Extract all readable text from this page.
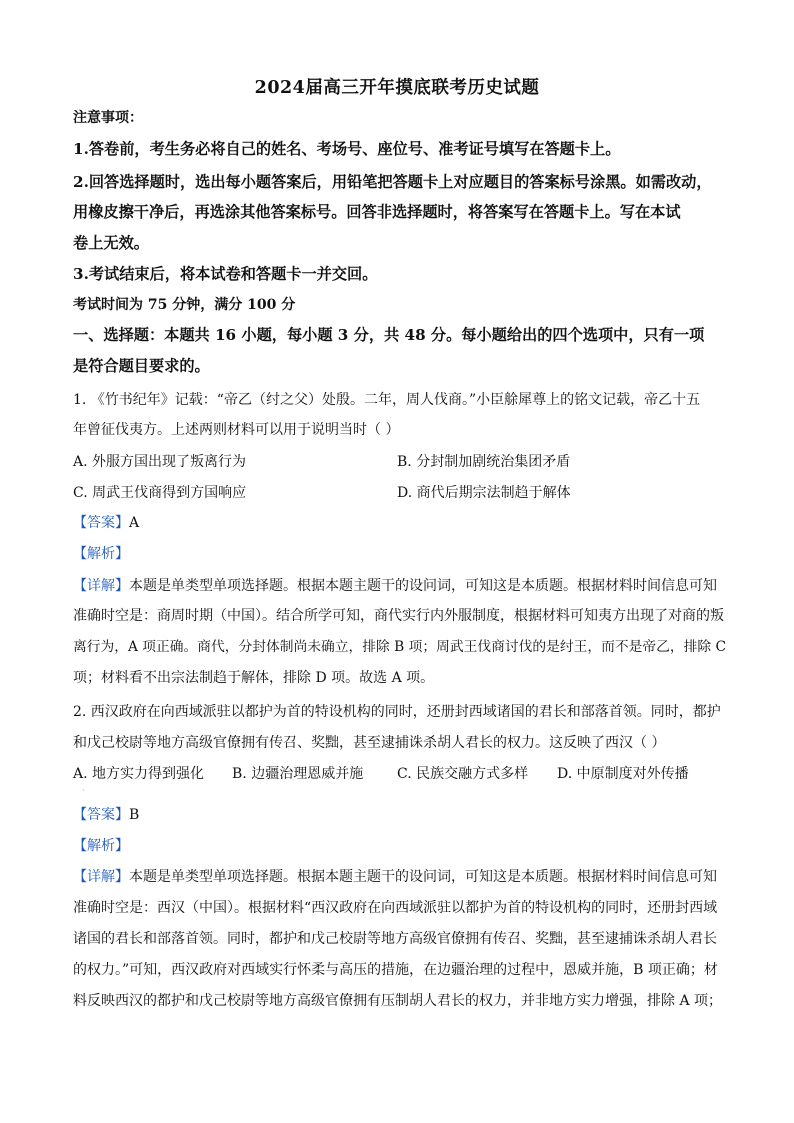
2024届高三开年摸底联考历史试题
注意事项：
1.答卷前，考生务必将自己的姓名、考场号、座位号、准考证号填写在答题卡上。
2.回答选择题时，选出每小题答案后，用铅笔把答题卡上对应题目的答案标号涂黑。如需改动，
用橡皮擦干净后，再选涂其他答案标号。回答非选择题时，将答案写在答题卡上。写在本试
卷上无效。
3.考试结束后，将本试卷和答题卡一并交回。
考试时间为 75 分钟，满分 100 分
一、选择题：本题共 16 小题，每小题 3 分，共 48 分。每小题给出的四个选项中，只有一项
是符合题目要求的。
1. 《竹书纪年》记载：“帝乙（纣之父）处殷。二年，周人伐商。”小臣艅犀尊上的铭文记载，帝乙十五
年曾征伐夷方。上述两则材料可以用于说明当时（ ）
A. 外服方国出现了叛离行为	B. 分封制加剧统治集团矛盾
C. 周武王伐商得到方国响应	D. 商代后期宗法制趋于解体
【答案】A
【解析】
【详解】本题是单类型单项选择题。根据本题主题干的设问词，可知这是本质题。根据材料时间信息可知
准确时空是：商周时期（中国）。结合所学可知，商代实行内外服制度，根据材料可知夷方出现了对商的叛
离行为，A 项正确。商代，分封体制尚未确立，排除 B 项；周武王伐商讨伐的是纣王，而不是帝乙，排除 C
项；材料看不出宗法制趋于解体，排除 D 项。故选 A 项。
2. 西汉政府在向西域派驻以都护为首的特设机构的同时，还册封西域诸国的君长和部落首领。同时，都护
和戊己校尉等地方高级官僚拥有传召、奖黜，甚至逮捕诛杀胡人君长的权力。这反映了西汉（ ）
A. 地方实力得到强化 B. 边疆治理恩威并施 C. 民族交融方式多样 D. 中原制度对外传播
·
【答案】B
【解析】
【详解】本题是单类型单项选择题。根据本题主题干的设问词，可知这是本质题。根据材料时间信息可知
准确时空是：西汉（中国）。根据材料“西汉政府在向西域派驻以都护为首的特设机构的同时，还册封西域
诸国的君长和部落首领。同时，都护和戊己校尉等地方高级官僚拥有传召、奖黜，甚至逮捕诛杀胡人君长
的权力。”可知，西汉政府对西域实行怀柔与高压的措施，在边疆治理的过程中，恩威并施，B 项正确；材
料反映西汉的都护和戊己校尉等地方高级官僚拥有压制胡人君长的权力，并非地方实力增强，排除 A 项；
